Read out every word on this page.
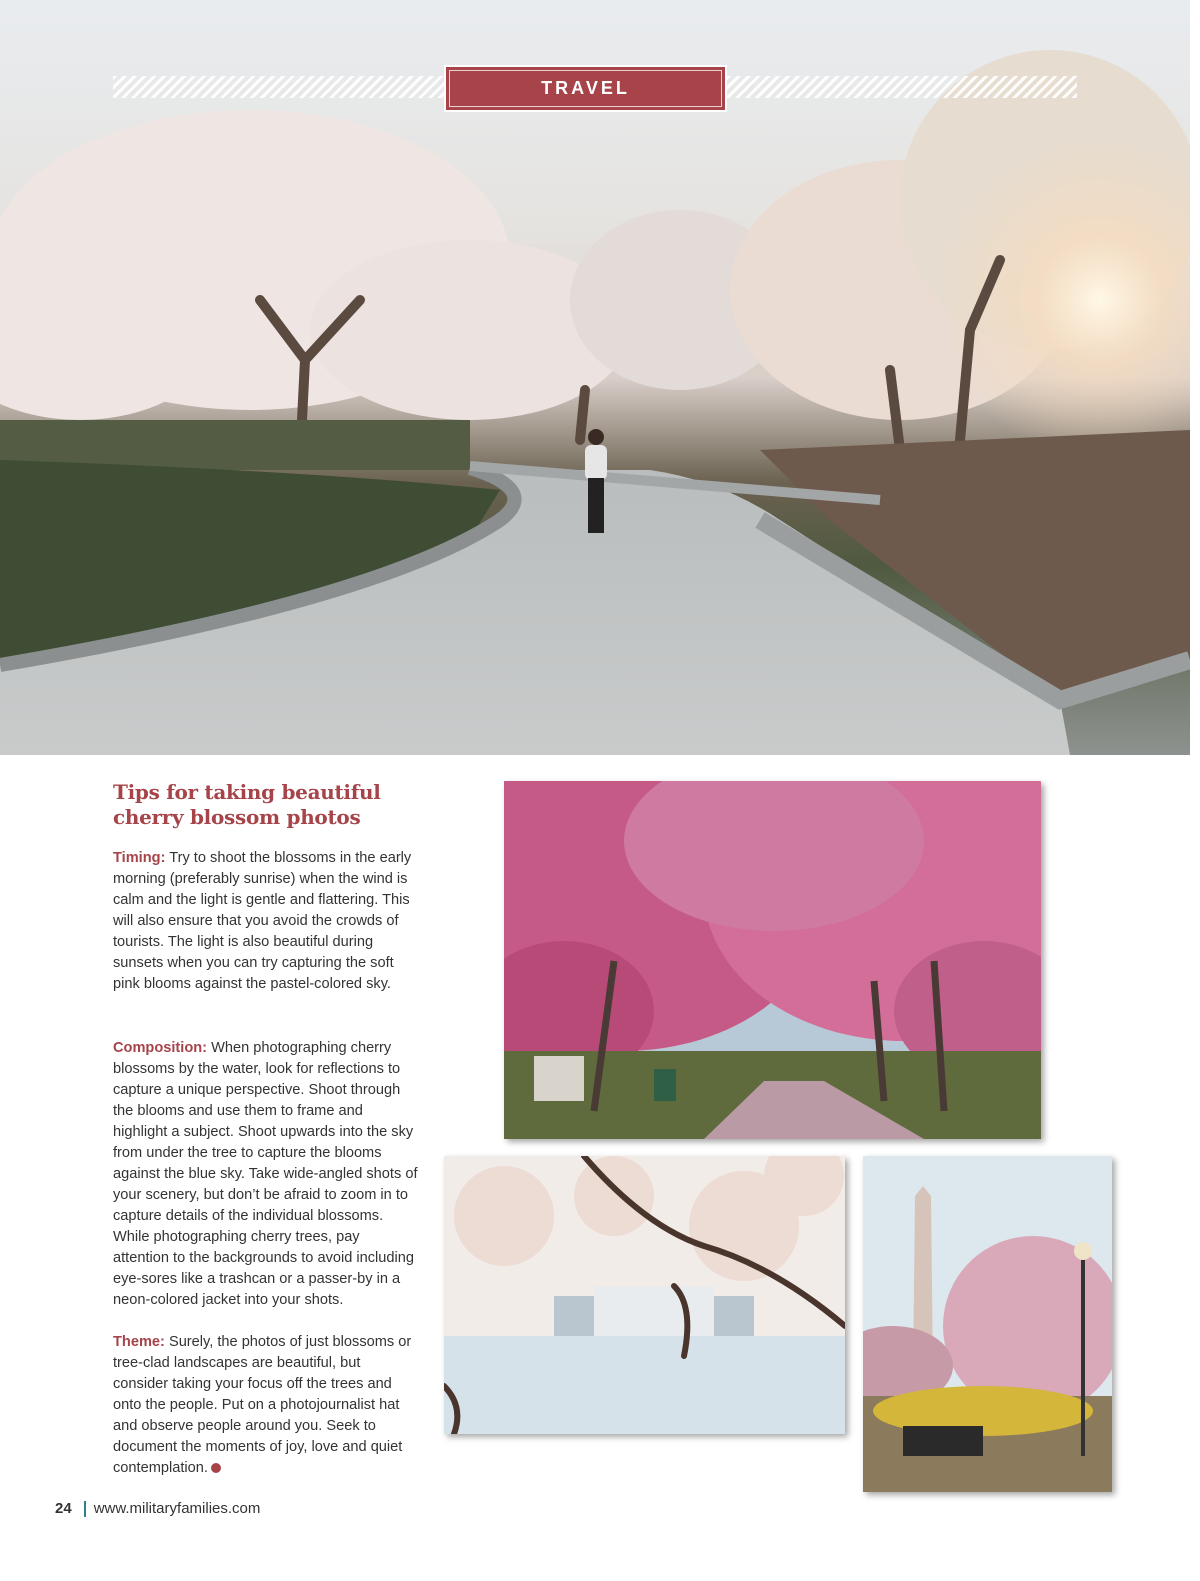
TRAVEL
Tips for taking beautiful cherry blossom photos

Timing: Try to shoot the blossoms in the early morning (preferably sunrise) when the wind is calm and the light is gentle and flattering. This will also ensure that you avoid the crowds of tourists. The light is also beautiful during sunsets when you can try capturing the soft pink blooms against the pastel-colored sky.

Composition: When photographing cherry blossoms by the water, look for reflections to capture a unique perspective. Shoot through the blooms and use them to frame and highlight a subject. Shoot upwards into the sky from under the tree to capture the blooms against the blue sky. Take wide-angled shots of your scenery, but don’t be afraid to zoom in to capture details of the individual blossoms. While photographing cherry trees, pay attention to the backgrounds to avoid including eye-sores like a trashcan or a passer-by in a neon-colored jacket into your shots.

Theme: Surely, the photos of just blossoms or tree-clad landscapes are beautiful, but consider taking your focus off the trees and onto the people. Put on a photojournalist hat and observe people around you. Seek to document the moments of joy, love and quiet contemplation.

24 www.militaryfamilies.com
